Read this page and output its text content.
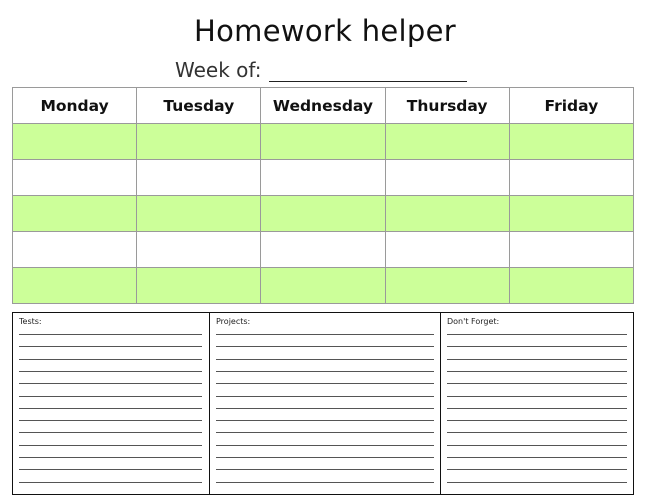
Homework helper
Week of:
Monday	Tuesday	Wednesday	Thursday	Friday

Tests:	Projects:	Don't Forget:
